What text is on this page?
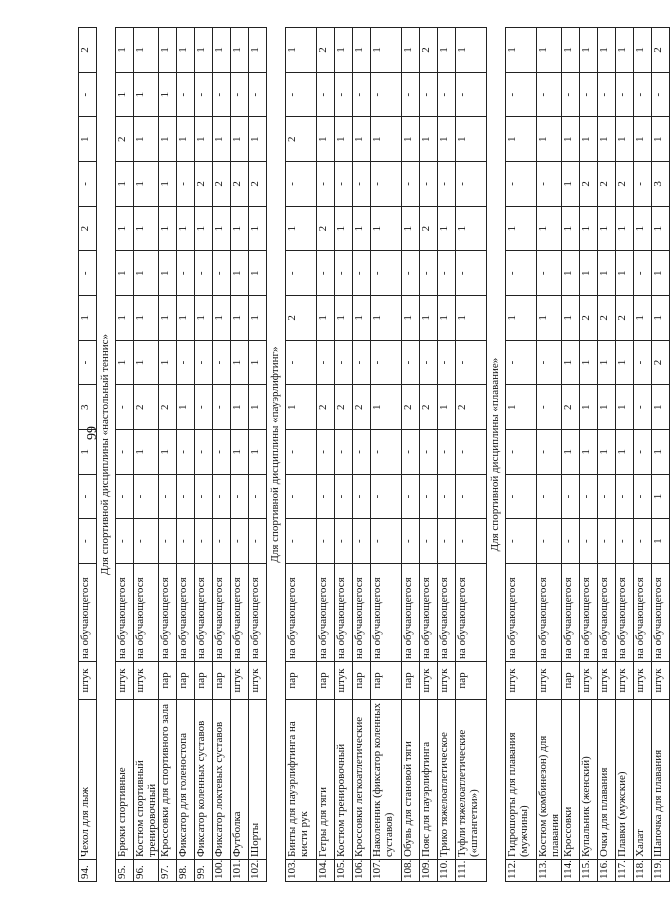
99
94.	Чехол для лыж	штук	на обучающегося	-	-	1	3	-	1	-	2	-	1	-	2
Для спортивной дисциплины «настольный теннис»															
95.	Брюки спортивные	штук	на обучающегося	-	-	-	-	1	1	1	1	1	2	1	1
96.	Костюм спортивный тренировочный	штук	на обучающегося	-	-	1	2	1	1	1	1	1	1	1	1
97.	Кроссовки для спортивного зала	пар	на обучающегося	-	-	1	2	1	1	1	1	1	1	1	1
98.	Фиксатор для голеностопа	пар	на обучающегося	-	-	-	1	-	1	-	1	-	1	-	1
99.	Фиксатор коленных суставов	пар	на обучающегося	-	-	-	-	-	1	-	1	2	1	-	1
100.	Фиксатор локтевых суставов	пар	на обучающегося	-	-	-	-	-	1	-	1	2	1	-	1
101.	Футболка	штук	на обучающегося	-	-	1	1	1	1	1	1	2	1	-	1
102.	Шорты	штук	на обучающегося	-	-	1	1	1	1	1	1	2	1	-	1
Для спортивной дисциплины «пауэрлифтинг»															
103.	Бинты для пауэрлифтинга на кисти рук	пар	на обучающегося	-	-	-	1	-	2	-	1	-	2	-	1
104.	Гетры для тяги	пар	на обучающегося	-	-	-	2	-	1	-	2	-	1	-	2
105.	Костюм тренировочный	штук	на обучающегося	-	-	-	2	-	1	-	1	-	1	-	1
106.	Кроссовки легкоатлетические	пар	на обучающегося	-	-	-	2	-	1	-	1	-	1	-	1
107.	Наколенник (фиксатор коленных суставов)	пар	на обучающегося	-	-	-	1	-	1	-	1	-	1	-	1
108.	Обувь для становой тяги	пар	на обучающегося	-	-	-	2	-	1	-	1	-	1	-	1
109.	Пояс для пауэрлифтинга	штук	на обучающегося	-	-	-	2	-	1	-	2	-	1	-	2
110.	Трико тяжелоатлетическое	штук	на обучающегося	-	-	-	1	-	1	-	1	-	1	-	1
111.	Туфли тяжелоатлетические («штангетки»)	пар	на обучающегося	-	-	-	2	-	1	-	1	-	1	-	1
Для спортивной дисциплины «плавание»															
112.	Гидрошорты для плавания (мужчины)	штук	на обучающегося	-	-	-	1	-	1	-	1	-	1	-	1
113.	Костюм (комбинезон) для плавания	штук	на обучающегося	-	-	-	-	-	1	-	1	-	1	-	1
114.	Кроссовки	пар	на обучающегося	-	-	1	2	1	1	1	1	1	1	-	1
115.	Купальник (женский)	штук	на обучающегося	-	-	1	1	1	2	1	1	2	1	-	1
116.	Очки для плавания	штук	на обучающегося	-	-	1	1	1	2	1	1	2	1	-	1
117.	Плавки (мужские)	штук	на обучающегося	-	-	1	1	1	2	1	1	2	1	-	1
118.	Халат	штук	на обучающегося	-	-	-	-	-	1	-	1	-	1	-	1
119.	Шапочка для плавания	штук	на обучающегося	1	1	1	1	2	1	1	1	3	1	-	2
